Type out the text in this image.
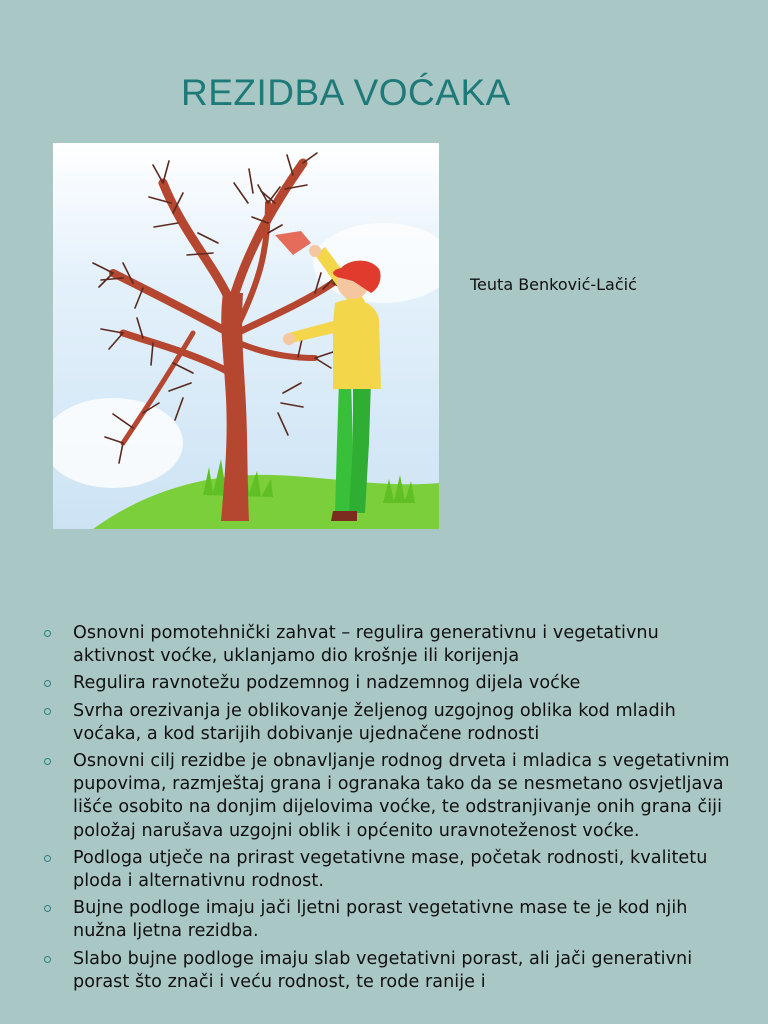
REZIDBA VOĆAKA
Teuta Benković-Lačić
Osnovni pomotehnički zahvat – regulira generativnu i vegetativnu aktivnost voćke, uklanjamo dio krošnje ili korijenja
Regulira ravnotežu podzemnog i nadzemnog dijela voćke
Svrha orezivanja je oblikovanje željenog uzgojnog oblika kod mladih voćaka, a kod starijih dobivanje ujednačene rodnosti
Osnovni cilj rezidbe je obnavljanje rodnog drveta i mladica s vegetativnim pupovima, razmještaj grana i ogranaka tako da se nesmetano osvjetljava lišće osobito na donjim dijelovima voćke, te odstranjivanje onih grana čiji položaj narušava uzgojni oblik i općenito uravnoteženost voćke.
Podloga utječe na prirast vegetativne mase, početak rodnosti, kvalitetu ploda i alternativnu rodnost.
Bujne podloge imaju jači ljetni porast vegetativne mase te je kod njih nužna ljetna rezidba.
Slabo bujne podloge imaju slab vegetativni porast, ali jači generativni porast što znači i veću rodnost, te rode ranije i
